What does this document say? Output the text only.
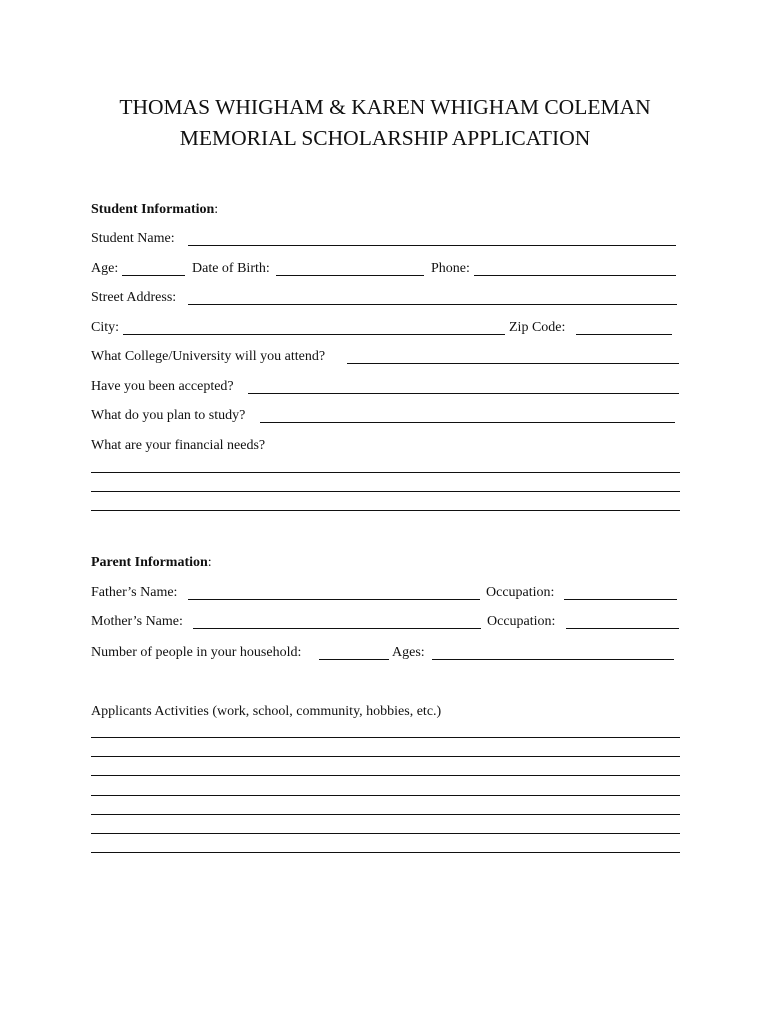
THOMAS WHIGHAM & KAREN WHIGHAM COLEMAN
MEMORIAL SCHOLARSHIP APPLICATION
Student Information:
Student Name:
Age:	Date of Birth:	Phone:
Street Address:
City:	Zip Code:
What College/University will you attend?
Have you been accepted?
What do you plan to study?
What are your financial needs?
Parent Information:
Father’s Name:	Occupation:
Mother’s Name:	Occupation:
Number of people in your household:	Ages:
Applicants Activities (work, school, community, hobbies, etc.)
